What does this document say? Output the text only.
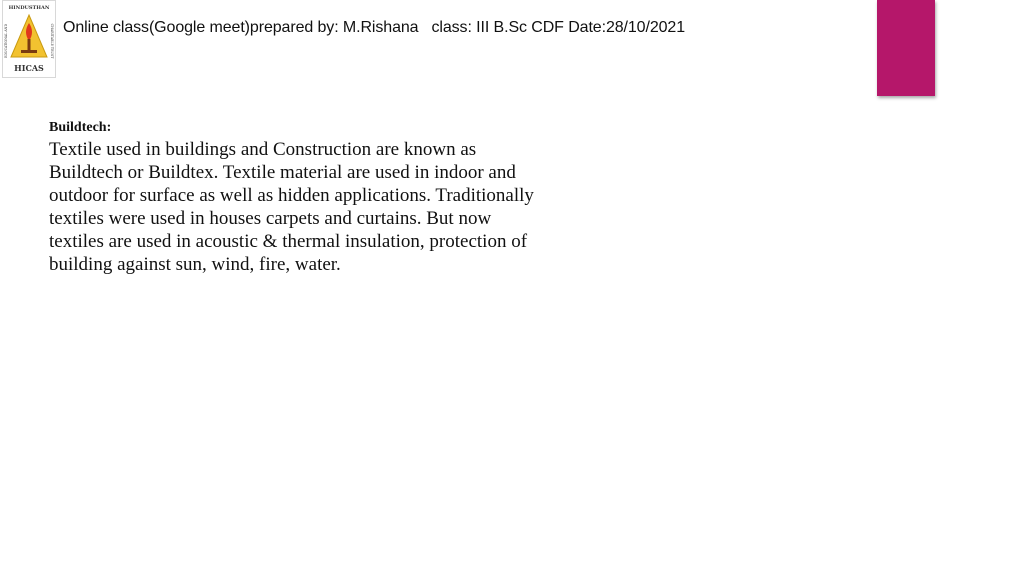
HINDUSTHAN
EDUCATIONAL AND	CHARITABLE TRUST
HICAS
Online class(Google meet)prepared by: M.Rishana   class: III B.Sc CDF Date:28/10/2021
Buildtech:

Textile used in buildings and Construction are known as Buildtech or Buildtex. Textile material are used in indoor and outdoor for surface as well as hidden applications. Traditionally textiles were used in houses carpets and curtains. But now textiles are used in acoustic & thermal insulation, protection of building against sun, wind, fire, water.
